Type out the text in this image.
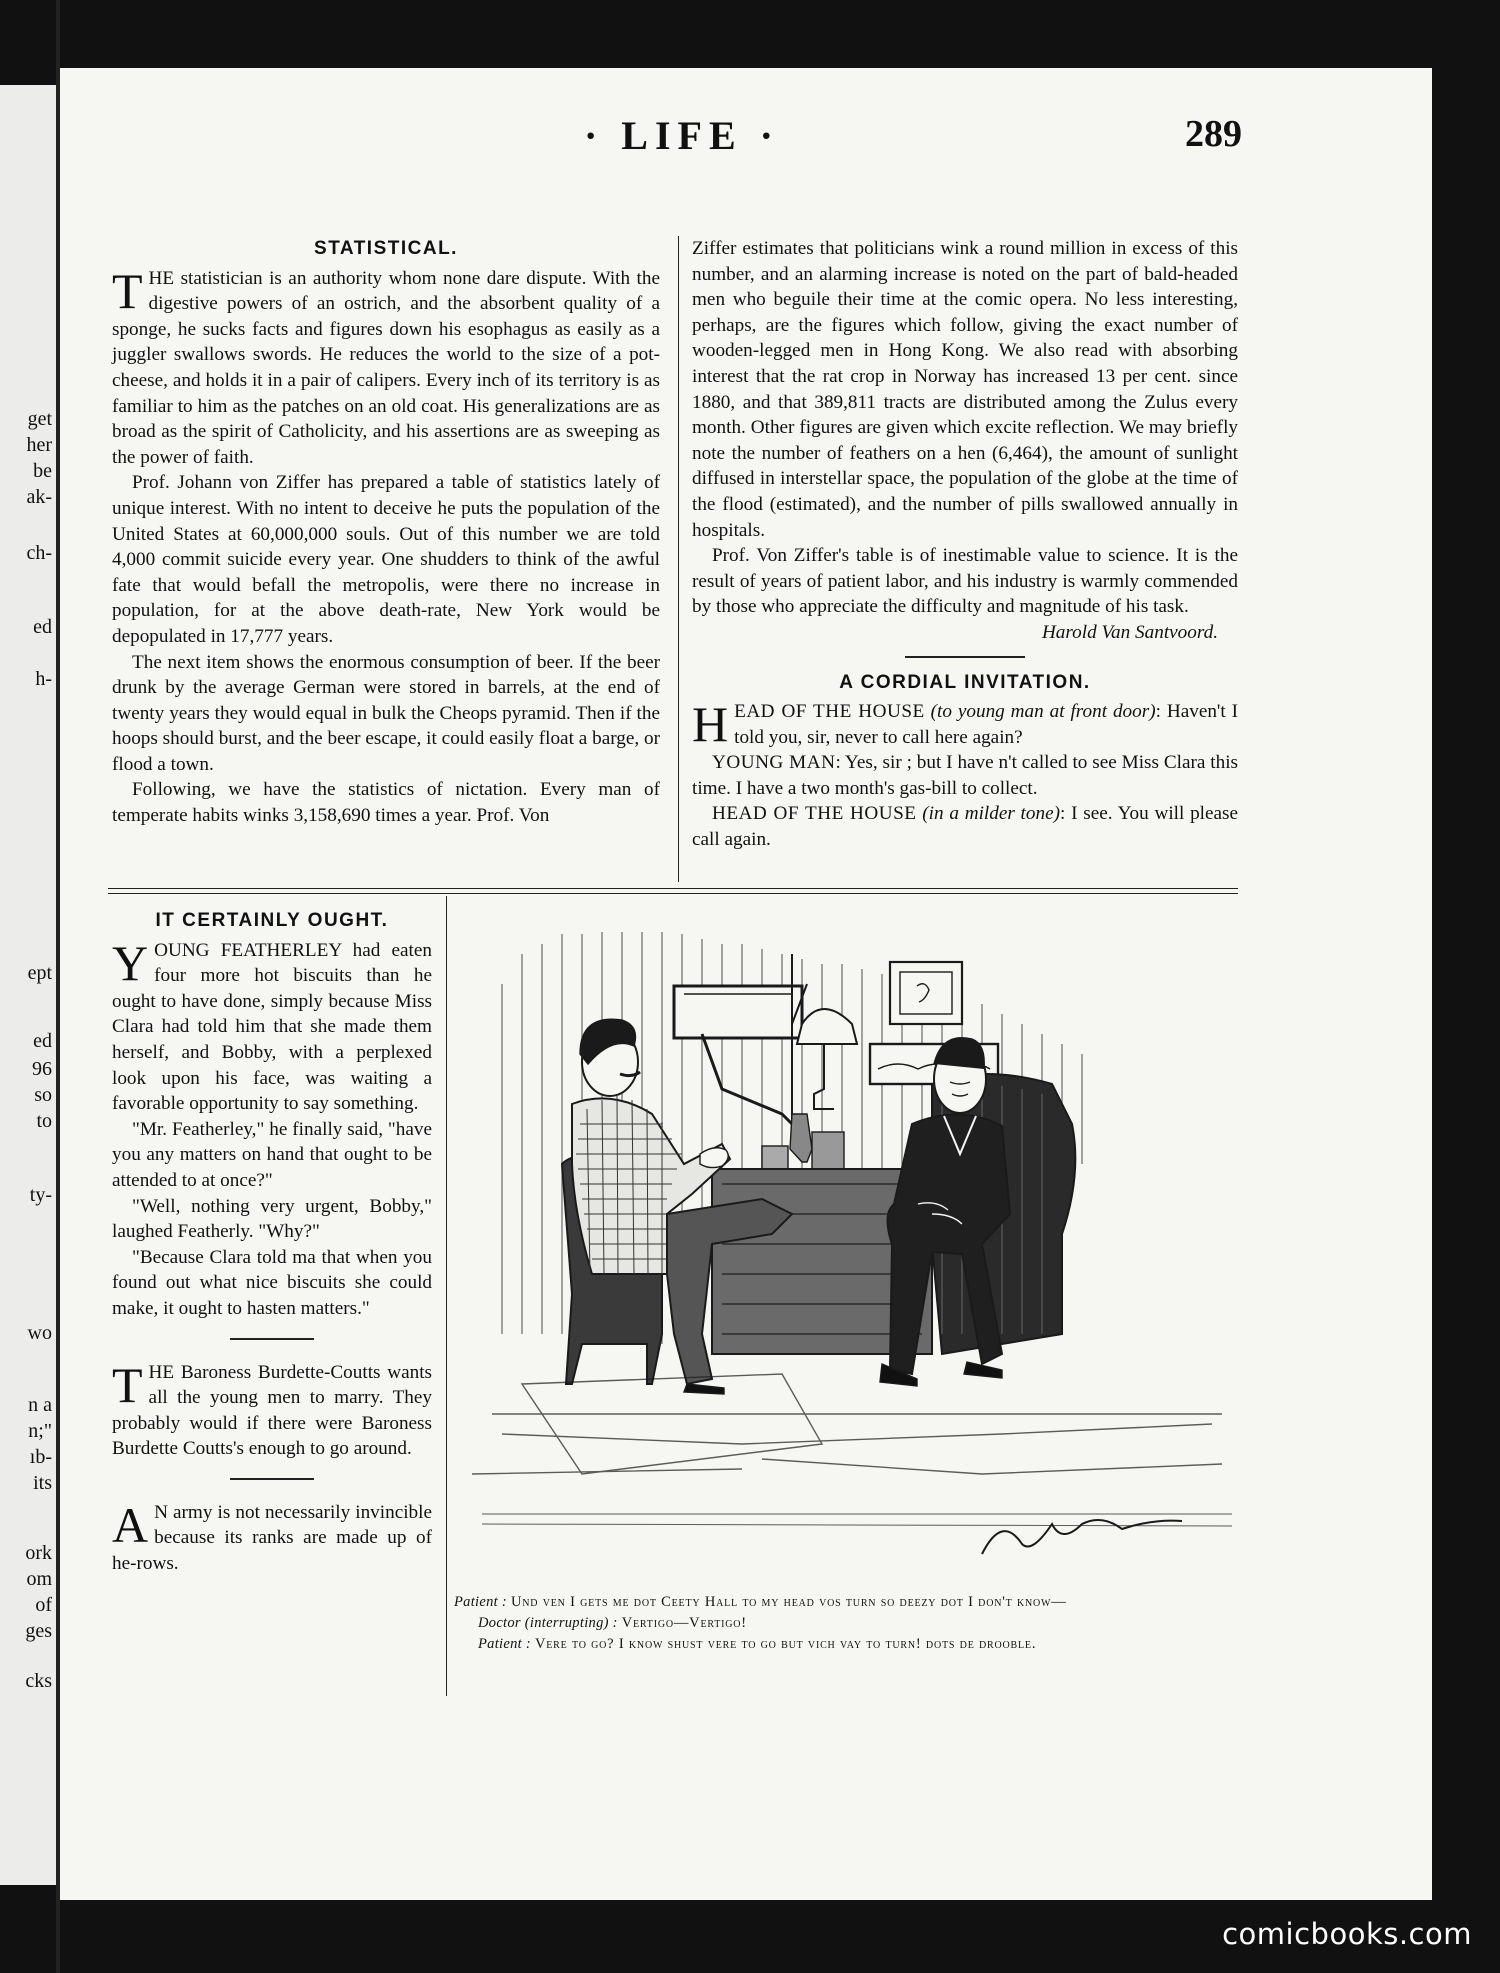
get
her
be
ak-
ch-
ed
h-
ept
ed
96
so
to
ty-
wo
n a
n;"
ıb-
its
ork
om
of
ges
cks
· LIFE ·	289
STATISTICAL.

THE statistician is an authority whom none dare dispute. With the digestive powers of an ostrich, and the absorbent quality of a sponge, he sucks facts and figures down his esophagus as easily as a juggler swallows swords. He reduces the world to the size of a pot-cheese, and holds it in a pair of calipers. Every inch of its territory is as familiar to him as the patches on an old coat. His generalizations are as broad as the spirit of Catholicity, and his assertions are as sweeping as the power of faith.

Prof. Johann von Ziffer has prepared a table of statistics lately of unique interest. With no intent to deceive he puts the population of the United States at 60,000,000 souls. Out of this number we are told 4,000 commit suicide every year. One shudders to think of the awful fate that would befall the metropolis, were there no increase in population, for at the above death-rate, New York would be depopulated in 17,777 years.

The next item shows the enormous consumption of beer. If the beer drunk by the average German were stored in barrels, at the end of twenty years they would equal in bulk the Cheops pyramid. Then if the hoops should burst, and the beer escape, it could easily float a barge, or flood a town.

Following, we have the statistics of nictation. Every man of temperate habits winks 3,158,690 times a year. Prof. Von

Ziffer estimates that politicians wink a round million in excess of this number, and an alarming increase is noted on the part of bald-headed men who beguile their time at the comic opera. No less interesting, perhaps, are the figures which follow, giving the exact number of wooden-legged men in Hong Kong. We also read with absorbing interest that the rat crop in Norway has increased 13 per cent. since 1880, and that 389,811 tracts are distributed among the Zulus every month. Other figures are given which excite reflection. We may briefly note the number of feathers on a hen (6,464), the amount of sunlight diffused in interstellar space, the population of the globe at the time of the flood (estimated), and the number of pills swallowed annually in hospitals.

Prof. Von Ziffer's table is of inestimable value to science. It is the result of years of patient labor, and his industry is warmly commended by those who appreciate the difficulty and magnitude of his task.
Harold Van Santvoord.

A CORDIAL INVITATION.

HEAD OF THE HOUSE (to young man at front door): Haven't I told you, sir, never to call here again?

YOUNG MAN: Yes, sir ; but I have n't called to see Miss Clara this time. I have a two month's gas-bill to collect.

HEAD OF THE HOUSE (in a milder tone): I see. You will please call again.

IT CERTAINLY OUGHT.

YOUNG FEATHERLEY had eaten four more hot biscuits than he ought to have done, simply because Miss Clara had told him that she made them herself, and Bobby, with a perplexed look upon his face, was waiting a favorable opportunity to say something.

"Mr. Featherley," he finally said, "have you any matters on hand that ought to be attended to at once?"

"Well, nothing very urgent, Bobby," laughed Featherly. "Why?"

"Because Clara told ma that when you found out what nice biscuits she could make, it ought to hasten matters."

THE Baroness Burdette-Coutts wants all the young men to marry. They probably would if there were Baroness Burdette Coutts's enough to go around.

A N army is not necessarily invincible because its ranks are made up of he-rows.

Patient : Und ven I gets me dot Ceety Hall to my head vos turn so deezy dot I don't know—
Doctor (interrupting) : Vertigo—Vertigo!
Patient : Vere to go? I know shust vere to go but vich vay to turn! dots de drooble.
comicbooks.com
